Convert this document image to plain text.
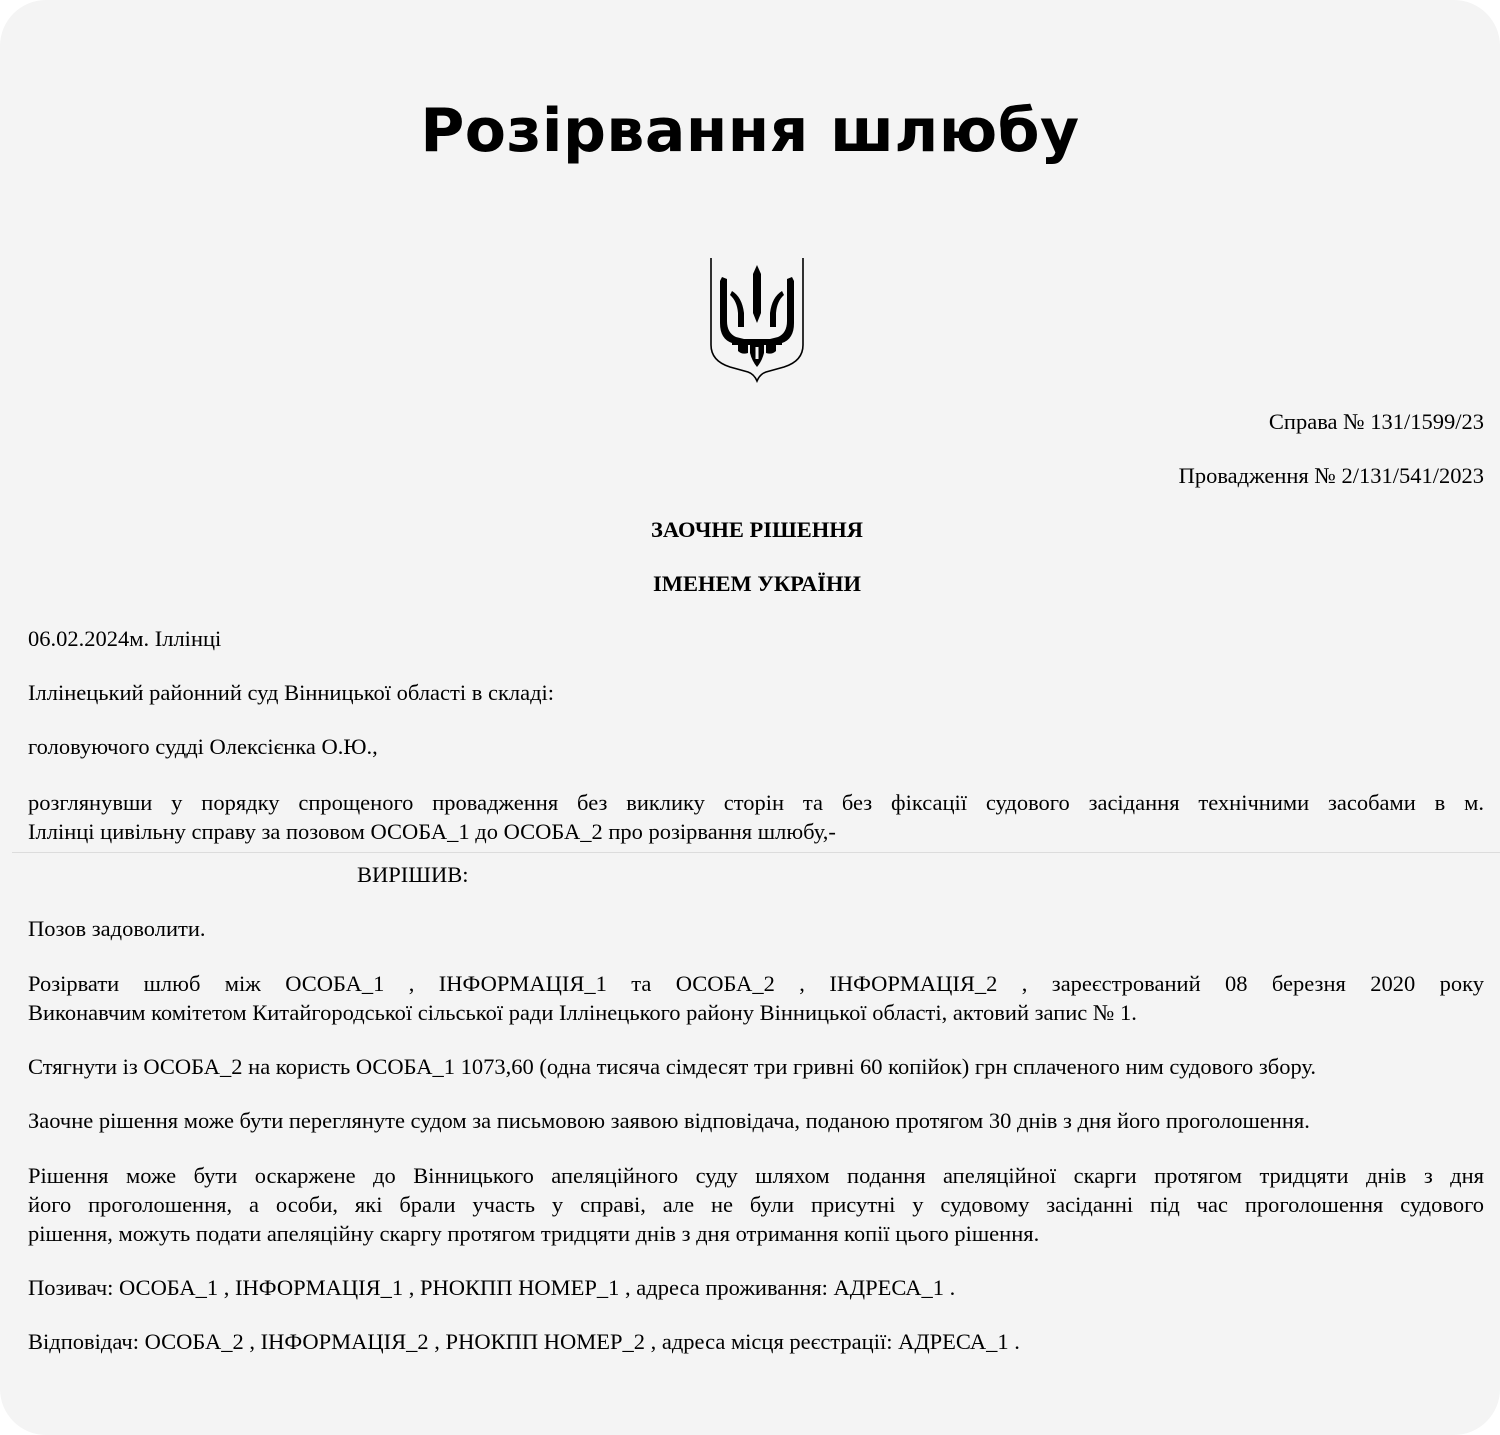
Розірвання шлюбу
Справа № 131/1599/23
Провадження № 2/131/541/2023
ЗАОЧНЕ РІШЕННЯ
ІМЕНЕМ УКРАЇНИ
06.02.2024м. Іллінці
Іллінецький районний суд Вінницької області в складі:
головуючого судді Олексієнка О.Ю.,
розглянувши у порядку спрощеного провадження без виклику сторін та без фіксації судового засідання технічними засобами в м.
Іллінці цивільну справу за позовом ОСОБА_1 до ОСОБА_2 про розірвання шлюбу,-
ВИРІШИВ:
Позов задоволити.
Розірвати шлюб між ОСОБА_1 , ІНФОРМАЦІЯ_1 та ОСОБА_2 , ІНФОРМАЦІЯ_2 , зареєстрований 08 березня 2020 року
Виконавчим комітетом Китайгородської сільської ради Іллінецького району Вінницької області, актовий запис № 1.
Стягнути із ОСОБА_2 на користь ОСОБА_1 1073,60 (одна тисяча сімдесят три гривні 60 копійок) грн сплаченого ним судового збору.
Заочне рішення може бути переглянуте судом за письмовою заявою відповідача, поданою протягом 30 днів з дня його проголошення.
Рішення може бути оскаржене до Вінницького апеляційного суду шляхом подання апеляційної скарги протягом тридцяти днів з дня
його проголошення, а особи, які брали участь у справі, але не були присутні у судовому засіданні під час проголошення судового
рішення, можуть подати апеляційну скаргу протягом тридцяти днів з дня отримання копії цього рішення.
Позивач: ОСОБА_1 , ІНФОРМАЦІЯ_1 , РНОКПП НОМЕР_1 , адреса проживання: АДРЕСА_1 .
Відповідач: ОСОБА_2 , ІНФОРМАЦІЯ_2 , РНОКПП НОМЕР_2 , адреса місця реєстрації: АДРЕСА_1 .
